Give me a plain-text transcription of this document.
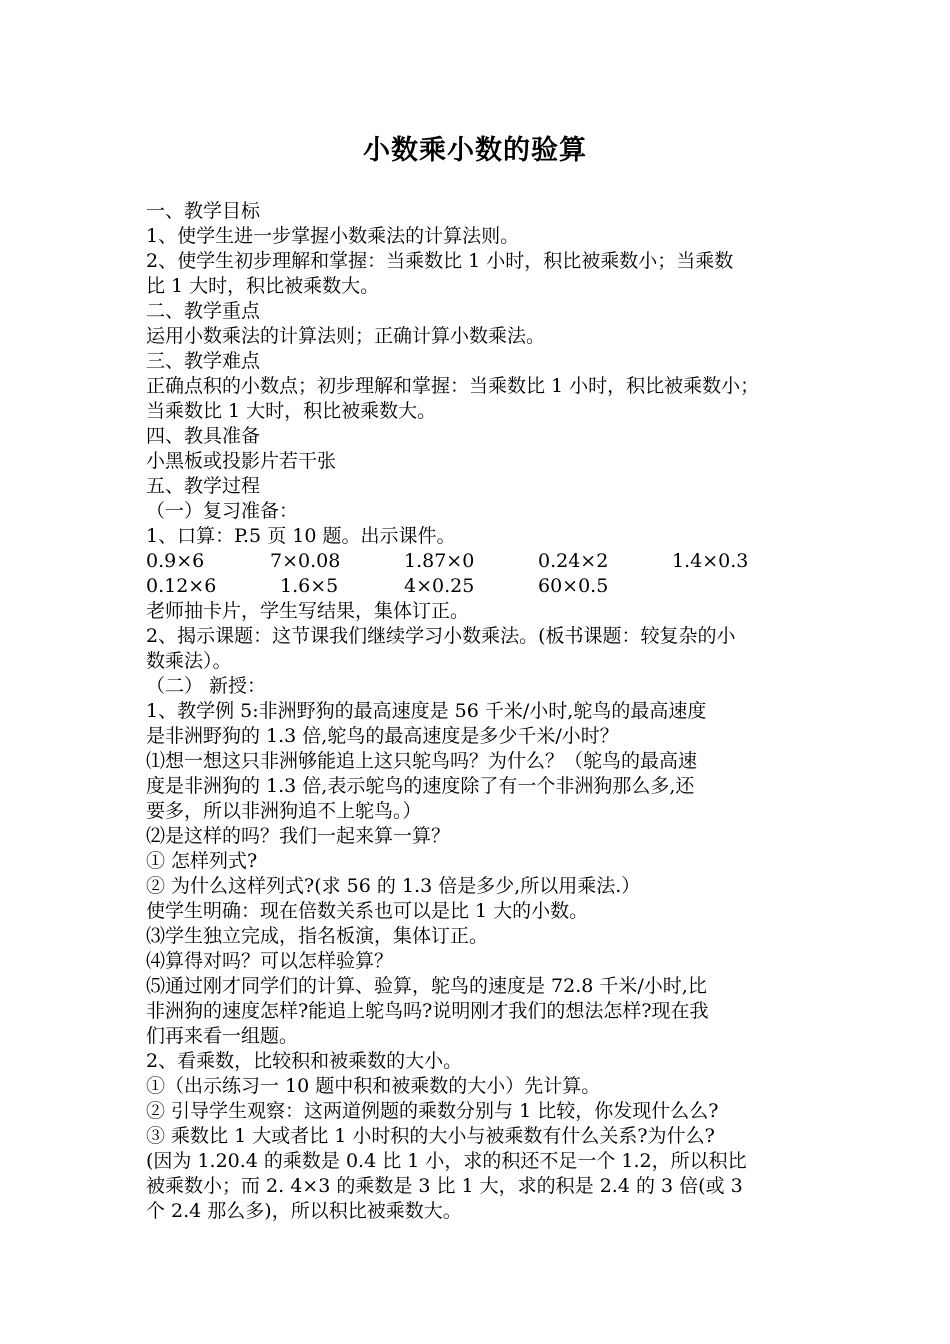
小数乘小数的验算
一、教学目标
1、使学生进一步掌握小数乘法的计算法则。
2、使学生初步理解和掌握：当乘数比 1 小时，积比被乘数小；当乘数
比 1 大时，积比被乘数大。
二、教学重点
运用小数乘法的计算法则；正确计算小数乘法。
三、教学难点
正确点积的小数点；初步理解和掌握：当乘数比 1 小时，积比被乘数小；
当乘数比 1 大时，积比被乘数大。
四、教具准备
小黑板或投影片若干张
五、教学过程
（一）复习准备：
1、口算：P.5 页 10 题。出示课件。
0.9×6	7×0.08	1.87×0	0.24×2	1.4×0.3
0.12×6	1.6×5	4×0.25	60×0.5
老师抽卡片，学生写结果，集体订正。
2、揭示课题：这节课我们继续学习小数乘法。(板书课题：较复杂的小
数乘法）。
（二） 新授：
1、教学例 5:非洲野狗的最高速度是 56 千米/小时,鸵鸟的最高速度
是非洲野狗的 1.3 倍,鸵鸟的最高速度是多少千米/小时？
⑴想一想这只非洲够能追上这只鸵鸟吗？为什么？（鸵鸟的最高速
度是非洲狗的 1.3 倍,表示鸵鸟的速度除了有一个非洲狗那么多,还
要多，所以非洲狗追不上鸵鸟。）
⑵是这样的吗？我们一起来算一算？
① 怎样列式?
② 为什么这样列式?(求 56 的 1.3 倍是多少,所以用乘法.）
使学生明确：现在倍数关系也可以是比 1 大的小数。
⑶学生独立完成，指名板演，集体订正。
⑷算得对吗？可以怎样验算？
⑸通过刚才同学们的计算、验算，鸵鸟的速度是 72.8 千米/小时,比
非洲狗的速度怎样?能追上鸵鸟吗?说明刚才我们的想法怎样?现在我
们再来看一组题。
2、看乘数，比较积和被乘数的大小。
①（出示练习一 10 题中积和被乘数的大小）先计算。
② 引导学生观察：这两道例题的乘数分别与 1 比较，你发现什么么?
③ 乘数比 1 大或者比 1 小时积的大小与被乘数有什么关系?为什么?
(因为 1.20.4 的乘数是 0.4 比 1 小，求的积还不足一个 1.2，所以积比
被乘数小；而 2. 4×3 的乘数是 3 比 1 大，求的积是 2.4 的 3 倍(或 3
个 2.4 那么多)，所以积比被乘数大。
